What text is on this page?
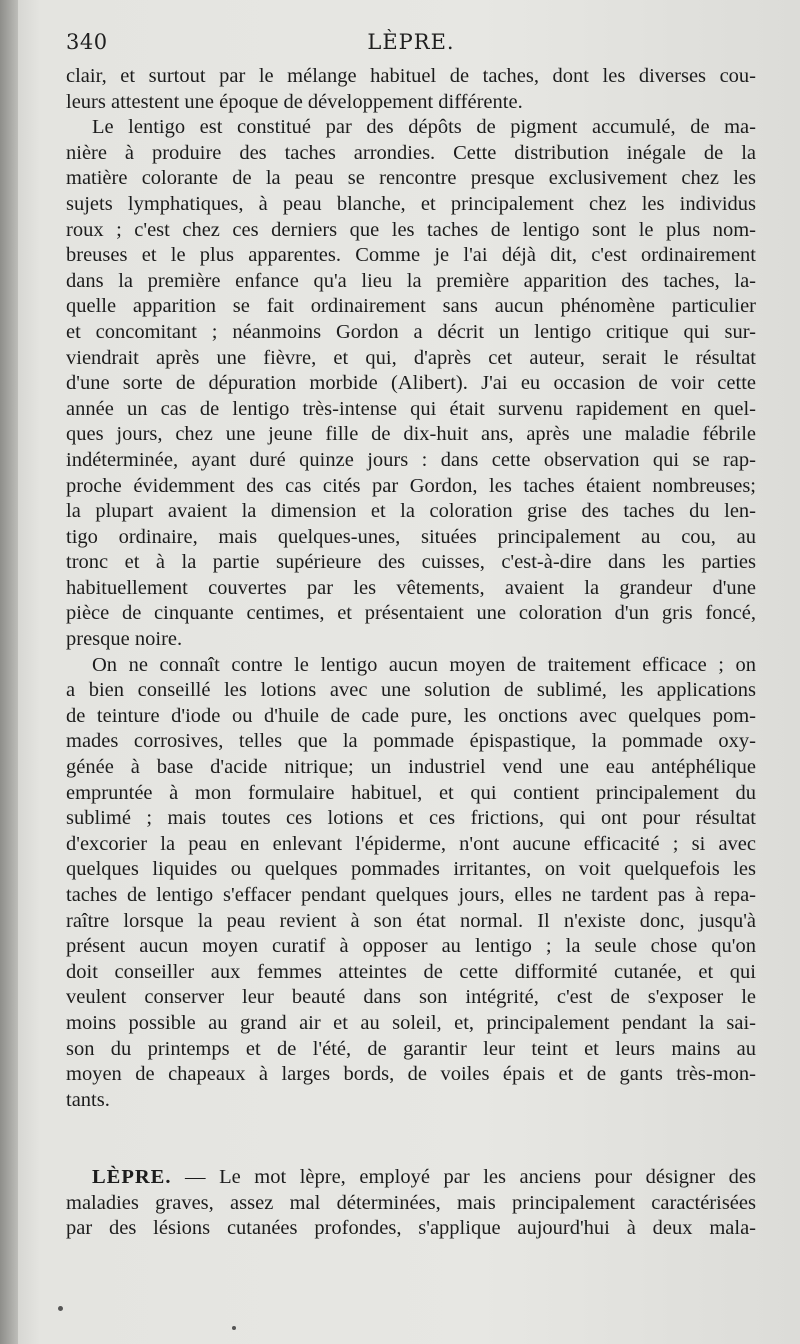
340	LÈPRE.
clair, et surtout par le mélange habituel de taches, dont les diverses cou-
leurs attestent une époque de développement différente.
Le lentigo est constitué par des dépôts de pigment accumulé, de ma-
nière à produire des taches arrondies. Cette distribution inégale de la
matière colorante de la peau se rencontre presque exclusivement chez les
sujets lymphatiques, à peau blanche, et principalement chez les individus
roux ; c'est chez ces derniers que les taches de lentigo sont le plus nom-
breuses et le plus apparentes. Comme je l'ai déjà dit, c'est ordinairement
dans la première enfance qu'a lieu la première apparition des taches, la-
quelle apparition se fait ordinairement sans aucun phénomène particulier
et concomitant ; néanmoins Gordon a décrit un lentigo critique qui sur-
viendrait après une fièvre, et qui, d'après cet auteur, serait le résultat
d'une sorte de dépuration morbide (Alibert). J'ai eu occasion de voir cette
année un cas de lentigo très-intense qui était survenu rapidement en quel-
ques jours, chez une jeune fille de dix-huit ans, après une maladie fébrile
indéterminée, ayant duré quinze jours : dans cette observation qui se rap-
proche évidemment des cas cités par Gordon, les taches étaient nombreuses;
la plupart avaient la dimension et la coloration grise des taches du len-
tigo ordinaire, mais quelques-unes, situées principalement au cou, au
tronc et à la partie supérieure des cuisses, c'est-à-dire dans les parties
habituellement couvertes par les vêtements, avaient la grandeur d'une
pièce de cinquante centimes, et présentaient une coloration d'un gris foncé,
presque noire.
On ne connaît contre le lentigo aucun moyen de traitement efficace ; on
a bien conseillé les lotions avec une solution de sublimé, les applications
de teinture d'iode ou d'huile de cade pure, les onctions avec quelques pom-
mades corrosives, telles que la pommade épispastique, la pommade oxy-
génée à base d'acide nitrique; un industriel vend une eau antéphélique
empruntée à mon formulaire habituel, et qui contient principalement du
sublimé ; mais toutes ces lotions et ces frictions, qui ont pour résultat
d'excorier la peau en enlevant l'épiderme, n'ont aucune efficacité ; si avec
quelques liquides ou quelques pommades irritantes, on voit quelquefois les
taches de lentigo s'effacer pendant quelques jours, elles ne tardent pas à repa-
raître lorsque la peau revient à son état normal. Il n'existe donc, jusqu'à
présent aucun moyen curatif à opposer au lentigo ; la seule chose qu'on
doit conseiller aux femmes atteintes de cette difformité cutanée, et qui
veulent conserver leur beauté dans son intégrité, c'est de s'exposer le
moins possible au grand air et au soleil, et, principalement pendant la sai-
son du printemps et de l'été, de garantir leur teint et leurs mains au
moyen de chapeaux à larges bords, de voiles épais et de gants très-mon-
tants.

LÈPRE. — Le mot lèpre, employé par les anciens pour désigner des
maladies graves, assez mal déterminées, mais principalement caractérisées
par des lésions cutanées profondes, s'applique aujourd'hui à deux mala-
